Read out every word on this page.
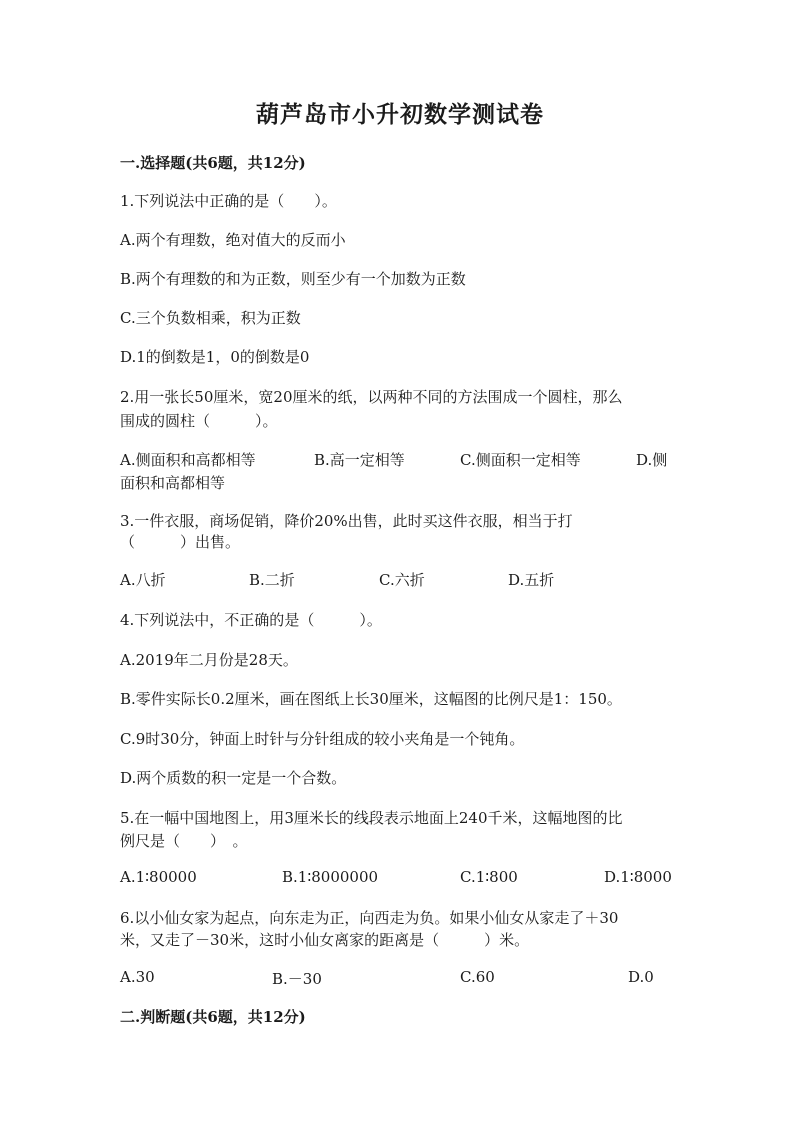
葫芦岛市小升初数学测试卷
一.选择题(共6题，共12分)
1.下列说法中正确的是（　　）。
A.两个有理数，绝对值大的反而小
B.两个有理数的和为正数，则至少有一个加数为正数
C.三个负数相乘，积为正数
D.1的倒数是1，0的倒数是0
2.用一张长50厘米，宽20厘米的纸，以两种不同的方法围成一个圆柱，那么
围成的圆柱（　　　）。
A.侧面积和高都相等	B.高一定相等	C.侧面积一定相等	D.侧
面积和高都相等
3.一件衣服，商场促销，降价20%出售，此时买这件衣服，相当于打
（　　　）出售。
A.八折	B.二折	C.六折	D.五折
4.下列说法中，不正确的是（　　　）。
A.2019年二月份是28天。
B.零件实际长0.2厘米，画在图纸上长30厘米，这幅图的比例尺是1：150。
C.9时30分，钟面上时针与分针组成的较小夹角是一个钝角。
D.两个质数的积一定是一个合数。
5.在一幅中国地图上，用3厘米长的线段表示地面上240千米，这幅地图的比
例尺是（　　）　。
A.1∶80000	B.1∶8000000	C.1∶800	D.1∶8000
6.以小仙女家为起点，向东走为正，向西走为负。如果小仙女从家走了＋30
米，又走了－30米，这时小仙女离家的距离是（　　　）米。
A.30	B.－30	C.60	D.0
二.判断题(共6题，共12分)
